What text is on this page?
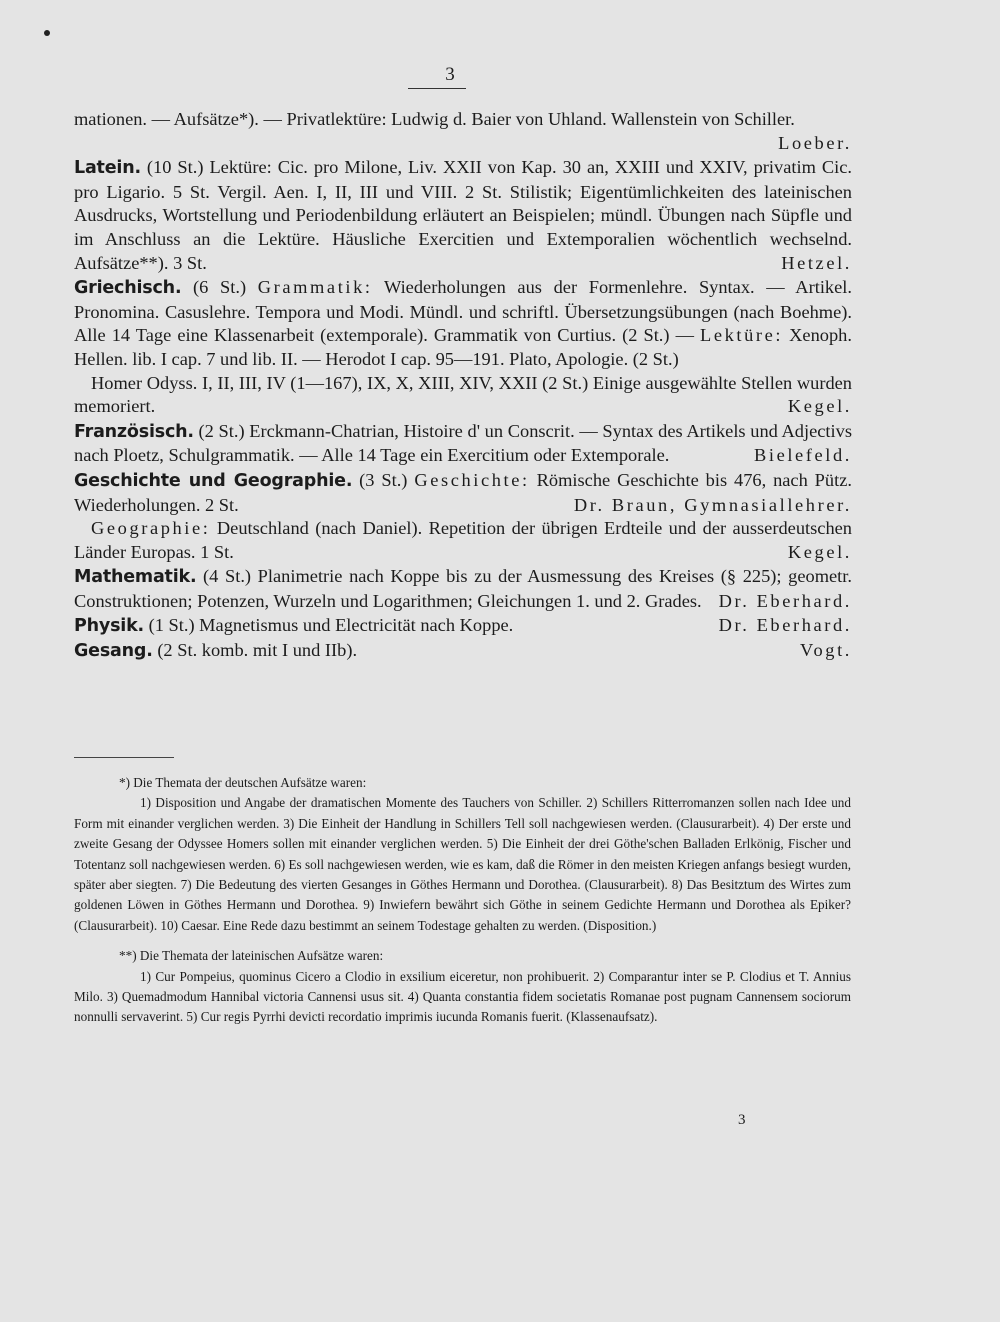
3

mationen. — Aufsätze*). — Privatlektüre: Ludwig d. Baier von Uhland. Wallenstein von Schiller.
Loeber.

Latein. (10 St.) Lektüre: Cic. pro Milone, Liv. XXII von Kap. 30 an, XXIII und XXIV, privatim Cic. pro Ligario. 5 St. Vergil. Aen. I, II, III und VIII. 2 St. Stilistik; Eigentümlichkeiten des lateinischen Ausdrucks, Wortstellung und Periodenbildung erläutert an Beispielen; mündl. Übungen nach Süpfle und im Anschluss an die Lektüre. Häusliche Exercitien und Extemporalien wöchentlich wechselnd. Aufsätze**). 3 St.	Hetzel.

Griechisch. (6 St.) Grammatik: Wiederholungen aus der Formenlehre. Syntax. — Artikel. Pronomina. Casuslehre. Tempora und Modi. Mündl. und schriftl. Übersetzungsübungen (nach Boehme). Alle 14 Tage eine Klassenarbeit (extemporale). Grammatik von Curtius. (2 St.) — Lektüre: Xenoph. Hellen. lib. I cap. 7 und lib. II. — Herodot I cap. 95—191. Plato, Apologie. (2 St.)

Homer Odyss. I, II, III, IV (1—167), IX, X, XIII, XIV, XXII (2 St.) Einige ausgewählte Stellen wurden memoriert.	Kegel.

Französisch. (2 St.) Erckmann-Chatrian, Histoire d' un Conscrit. — Syntax des Artikels und Adjectivs nach Ploetz, Schulgrammatik. — Alle 14 Tage ein Exercitium oder Extemporale.	Bielefeld.

Geschichte und Geographie. (3 St.) Geschichte: Römische Geschichte bis 476, nach Pütz. Wiederholungen. 2 St.	Dr. Braun, Gymnasiallehrer.

Geographie: Deutschland (nach Daniel). Repetition der übrigen Erdteile und der ausserdeutschen Länder Europas. 1 St.	Kegel.

Mathematik. (4 St.) Planimetrie nach Koppe bis zu der Ausmessung des Kreises (§ 225); geometr. Construktionen; Potenzen, Wurzeln und Logarithmen; Gleichungen 1. und 2. Grades. Dr. Eberhard.

Physik. (1 St.) Magnetismus und Electricität nach Koppe.	Dr. Eberhard.

Gesang. (2 St. komb. mit I und IIb).	Vogt.

*) Die Themata der deutschen Aufsätze waren:

1) Disposition und Angabe der dramatischen Momente des Tauchers von Schiller. 2) Schillers Ritterromanzen sollen nach Idee und Form mit einander verglichen werden. 3) Die Einheit der Handlung in Schillers Tell soll nachgewiesen werden. (Clausurarbeit). 4) Der erste und zweite Gesang der Odyssee Homers sollen mit einander verglichen werden. 5) Die Einheit der drei Göthe'schen Balladen Erlkönig, Fischer und Totentanz soll nachgewiesen werden. 6) Es soll nachgewiesen werden, wie es kam, daß die Römer in den meisten Kriegen anfangs besiegt wurden, später aber siegten. 7) Die Bedeutung des vierten Gesanges in Göthes Hermann und Dorothea. (Clausurarbeit). 8) Das Besitztum des Wirtes zum goldenen Löwen in Göthes Hermann und Dorothea. 9) Inwiefern bewährt sich Göthe in seinem Gedichte Hermann und Dorothea als Epiker? (Clausurarbeit). 10) Caesar. Eine Rede dazu bestimmt an seinem Todestage gehalten zu werden. (Disposition.)

**) Die Themata der lateinischen Aufsätze waren:

1) Cur Pompeius, quominus Cicero a Clodio in exsilium eiceretur, non prohibuerit. 2) Comparantur inter se P. Clodius et T. Annius Milo. 3) Quemadmodum Hannibal victoria Cannensi usus sit. 4) Quanta constantia fidem societatis Romanae post pugnam Cannensem sociorum nonnulli servaverint. 5) Cur regis Pyrrhi devicti recordatio imprimis iucunda Romanis fuerit. (Klassenaufsatz).

3
